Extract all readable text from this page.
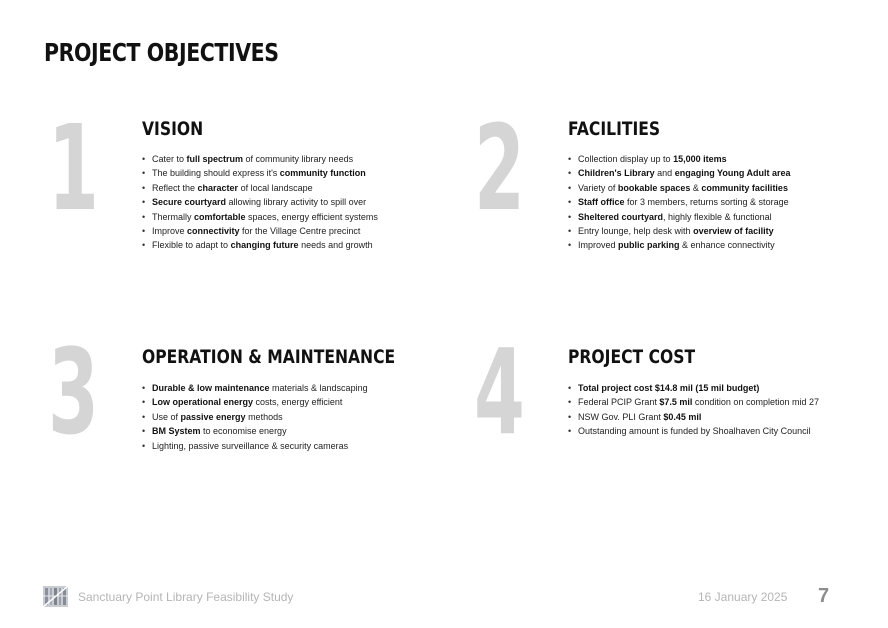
PROJECT OBJECTIVES
1 VISION
• Cater to full spectrum of community library needs
• The building should express it's community function
• Reflect the character of local landscape
• Secure courtyard allowing library activity to spill over
• Thermally comfortable spaces, energy efficient systems
• Improve connectivity for the Village Centre precinct
• Flexible to adapt to changing future needs and growth
2 FACILITIES
• Collection display up to 15,000 items
• Children's Library and engaging Young Adult area
• Variety of bookable spaces & community facilities
• Staff office for 3 members, returns sorting & storage
• Sheltered courtyard, highly flexible & functional
• Entry lounge, help desk with overview of facility
• Improved public parking & enhance connectivity
3 OPERATION & MAINTENANCE
• Durable & low maintenance materials & landscaping
• Low operational energy costs, energy efficient
• Use of passive energy methods
• BM System to economise energy
• Lighting, passive surveillance & security cameras 4 PROJECT COST
• Total project cost $14.8 mil (15 mil budget)
• Federal PCIP Grant $7.5 mil condition on completion mid 27
• NSW Gov. PLI Grant $0.45 mil
• Outstanding amount is funded by Shoalhaven City Council
Sanctuary Point Library Feasibility Study	16 January 2025 7
